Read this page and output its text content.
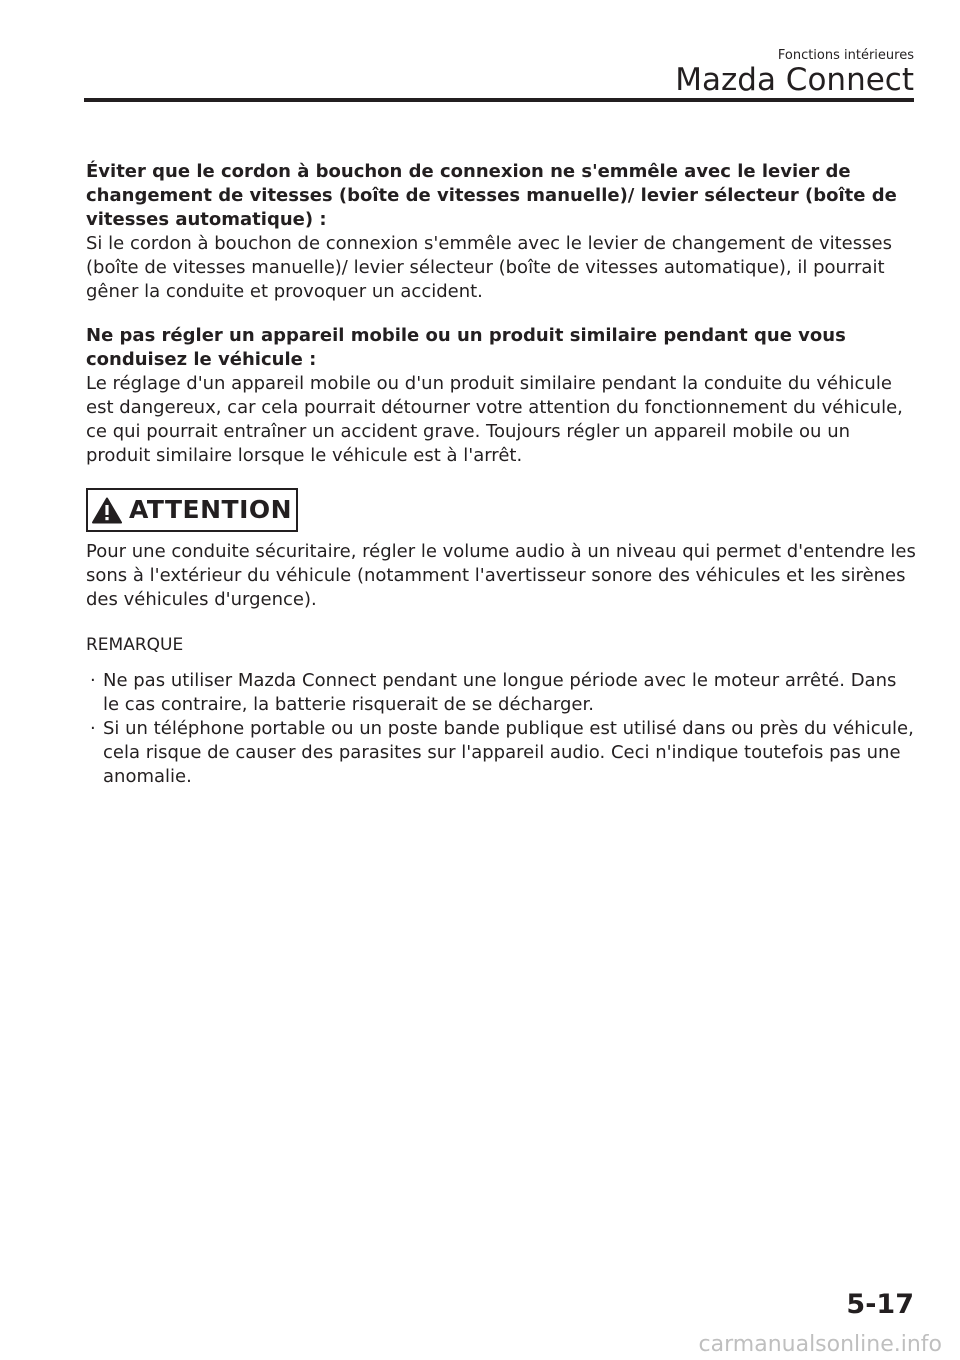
Fonctions intérieures
Mazda Connect

Éviter que le cordon à bouchon de connexion ne s'emmêle avec le levier de changement de vitesses (boîte de vitesses manuelle)/ levier sélecteur (boîte de vitesses automatique) :

Si le cordon à bouchon de connexion s'emmêle avec le levier de changement de vitesses (boîte de vitesses manuelle)/ levier sélecteur (boîte de vitesses automatique), il pourrait gêner la conduite et provoquer un accident.

Ne pas régler un appareil mobile ou un produit similaire pendant que vous conduisez le véhicule :

Le réglage d'un appareil mobile ou d'un produit similaire pendant la conduite du véhicule est dangereux, car cela pourrait détourner votre attention du fonctionnement du véhicule, ce qui pourrait entraîner un accident grave. Toujours régler un appareil mobile ou un produit similaire lorsque le véhicule est à l'arrêt.

ATTENTION

Pour une conduite sécuritaire, régler le volume audio à un niveau qui permet d'entendre les sons à l'extérieur du véhicule (notamment l'avertisseur sonore des véhicules et les sirènes des véhicules d'urgence).

REMARQUE

· Ne pas utiliser Mazda Connect pendant une longue période avec le moteur arrêté. Dans le cas contraire, la batterie risquerait de se décharger.
· Si un téléphone portable ou un poste bande publique est utilisé dans ou près du véhicule, cela risque de causer des parasites sur l'appareil audio. Ceci n'indique toutefois pas une anomalie.
5-17
carmanualsonline.info
